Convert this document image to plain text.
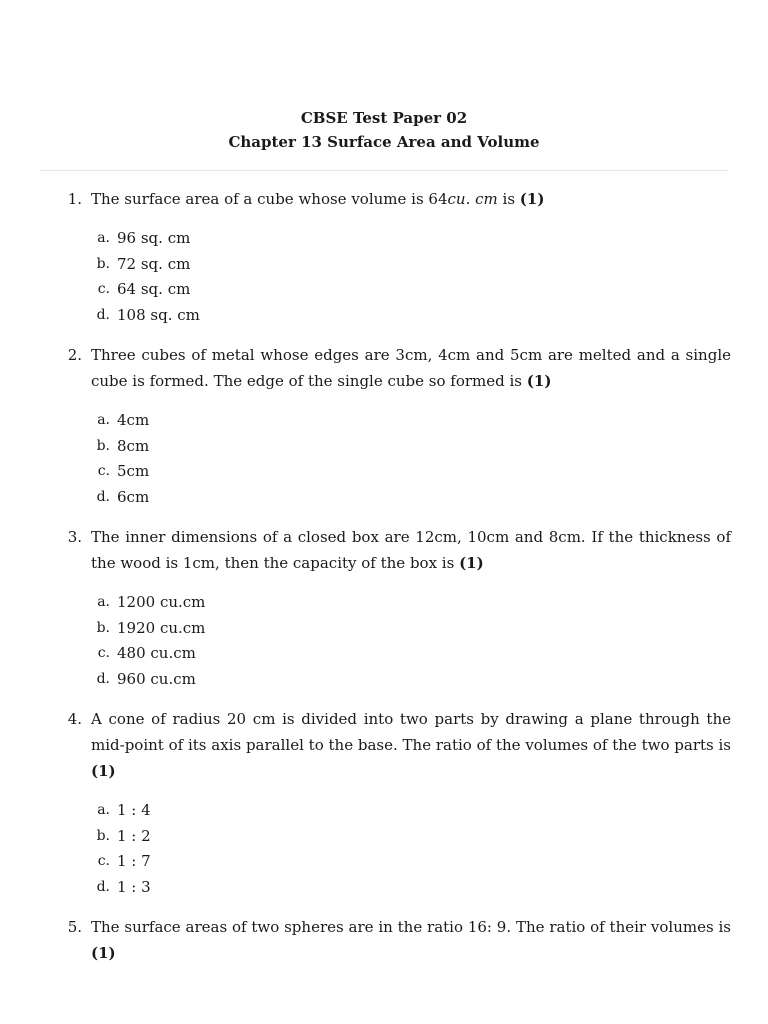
CBSE Test Paper 02
Chapter 13 Surface Area and Volume
1. The surface area of a cube whose volume is 64cu. cm is (1)
a. 96 sq. cm
b. 72 sq. cm
c. 64 sq. cm
d. 108 sq. cm
2. Three cubes of metal whose edges are 3cm, 4cm and 5cm are melted and a single cube is formed. The edge of the single cube so formed is (1)
a. 4cm
b. 8cm
c. 5cm
d. 6cm
3. The inner dimensions of a closed box are 12cm, 10cm and 8cm. If the thickness of the wood is 1cm, then the capacity of the box is (1)
a. 1200 cu.cm
b. 1920 cu.cm
c. 480 cu.cm
d. 960 cu.cm
4. A cone of radius 20 cm is divided into two parts by drawing a plane through the mid-point of its axis parallel to the base. The ratio of the volumes of the two parts is (1)
a. 1 : 4
b. 1 : 2
c. 1 : 7
d. 1 : 3
5. The surface areas of two spheres are in the ratio 16: 9. The ratio of their volumes is (1)
